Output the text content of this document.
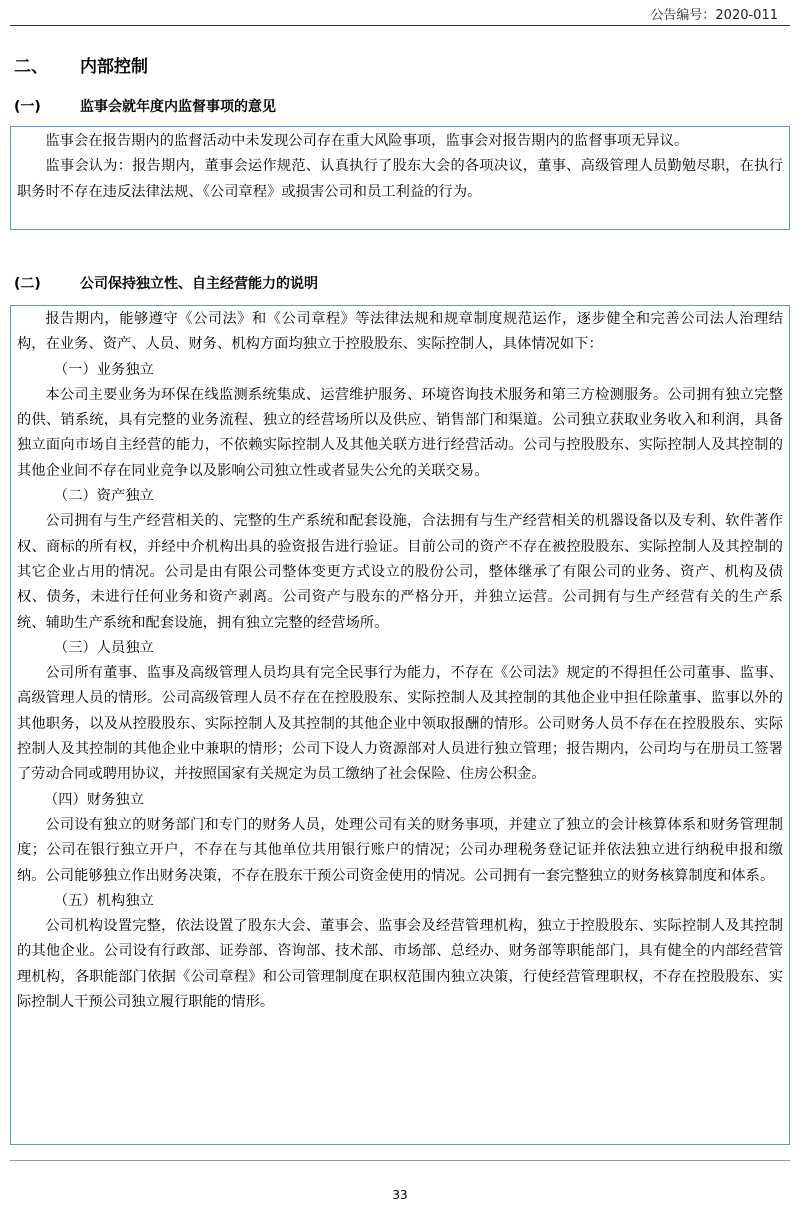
公告编号：2020-011
二、 内部控制
(一)	监事会就年度内监督事项的意见

监事会在报告期内的监督活动中未发现公司存在重大风险事项，监事会对报告期内的监督事项无异议。

监事会认为：报告期内，董事会运作规范、认真执行了股东大会的各项决议，董事、高级管理人员勤勉尽职，在执行职务时不存在违反法律法规、《公司章程》或损害公司和员工利益的行为。

(二)	公司保持独立性、自主经营能力的说明

报告期内，能够遵守《公司法》和《公司章程》等法律法规和规章制度规范运作，逐步健全和完善公司法人治理结构，在业务、资产、人员、财务、机构方面均独立于控股股东、实际控制人，具体情况如下：

（一）业务独立

本公司主要业务为环保在线监测系统集成、运营维护服务、环境咨询技术服务和第三方检测服务。公司拥有独立完整的供、销系统，具有完整的业务流程、独立的经营场所以及供应、销售部门和渠道。公司独立获取业务收入和利润，具备独立面向市场自主经营的能力，不依赖实际控制人及其他关联方进行经营活动。公司与控股股东、实际控制人及其控制的其他企业间不存在同业竞争以及影响公司独立性或者显失公允的关联交易。

（二）资产独立

公司拥有与生产经营相关的、完整的生产系统和配套设施，合法拥有与生产经营相关的机器设备以及专利、软件著作权、商标的所有权，并经中介机构出具的验资报告进行验证。目前公司的资产不存在被控股股东、实际控制人及其控制的其它企业占用的情况。公司是由有限公司整体变更方式设立的股份公司，整体继承了有限公司的业务、资产、机构及债权、债务，未进行任何业务和资产剥离。公司资产与股东的严格分开，并独立运营。公司拥有与生产经营有关的生产系统、辅助生产系统和配套设施，拥有独立完整的经营场所。

（三）人员独立

公司所有董事、监事及高级管理人员均具有完全民事行为能力，不存在《公司法》规定的不得担任公司董事、监事、高级管理人员的情形。公司高级管理人员不存在在控股股东、实际控制人及其控制的其他企业中担任除董事、监事以外的其他职务，以及从控股股东、实际控制人及其控制的其他企业中领取报酬的情形。公司财务人员不存在在控股股东、实际控制人及其控制的其他企业中兼职的情形；公司下设人力资源部对人员进行独立管理；报告期内，公司均与在册员工签署了劳动合同或聘用协议，并按照国家有关规定为员工缴纳了社会保险、住房公积金。

（四）财务独立

公司设有独立的财务部门和专门的财务人员，处理公司有关的财务事项，并建立了独立的会计核算体系和财务管理制度；公司在银行独立开户，不存在与其他单位共用银行账户的情况；公司办理税务登记证并依法独立进行纳税申报和缴纳。公司能够独立作出财务决策，不存在股东干预公司资金使用的情况。公司拥有一套完整独立的财务核算制度和体系。

（五）机构独立

公司机构设置完整，依法设置了股东大会、董事会、监事会及经营管理机构，独立于控股股东、实际控制人及其控制的其他企业。公司设有行政部、证券部、咨询部、技术部、市场部、总经办、财务部等职能部门，具有健全的内部经营管理机构，各职能部门依据《公司章程》和公司管理制度在职权范围内独立决策，行使经营管理职权，不存在控股股东、实际控制人干预公司独立履行职能的情形。

33
